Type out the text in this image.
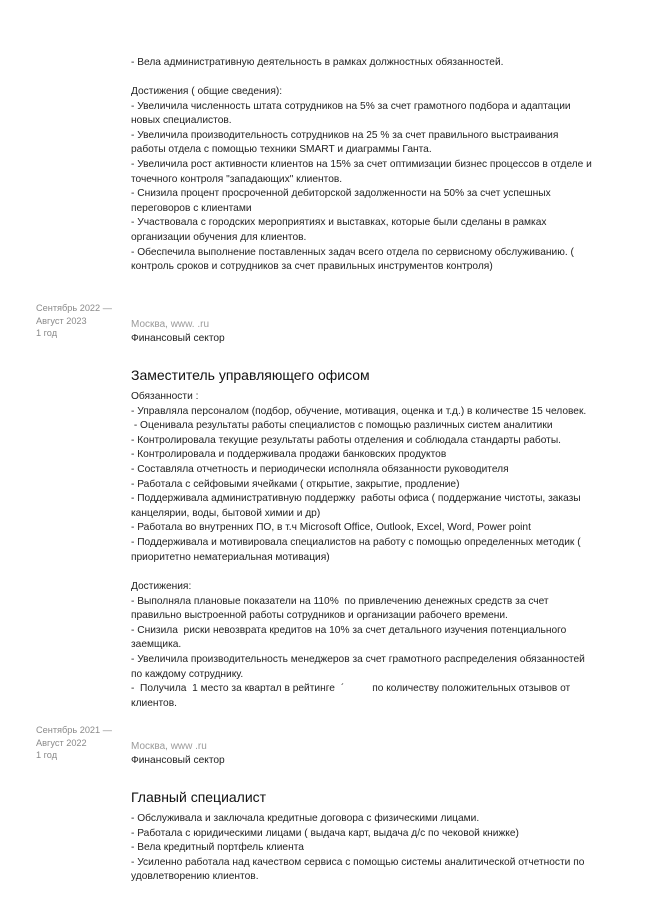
- Вела административную деятельность в рамках должностных обязанностей.
Достижения ( общие сведения):
- Увеличила численность штата сотрудников на 5% за счет грамотного подбора и адаптации
новых специалистов.
- Увеличила производительность сотрудников на 25 % за счет правильного выстраивания
работы отдела с помощью техники SMART и диаграммы Ганта.
- Увеличила рост активности клиентов на 15% за счет оптимизации бизнес процессов в отделе и
точечного контроля "западающих" клиентов.
- Снизила процент просроченной дебиторской задолженности на 50% за счет успешных
переговоров с клиентами
- Участвовала с городских мероприятиях и выставках, которые были сделаны в рамках
организации обучения для клиентов.
- Обеспечила выполнение поставленных задач всего отдела по сервисному обслуживанию. (
контроль сроков и сотрудников за счет правильных инструментов контроля)
Сентябрь 2022 —
Август 2023
1 год
Москва, www. .ru
Финансовый сектор
Заместитель управляющего офисом
Обязанности :
- Управляла персоналом (подбор, обучение, мотивация, оценка и т.д.) в количестве 15 человек.
- Оценивала результаты работы специалистов с помощью различных систем аналитики
- Контролировала текущие результаты работы отделения и соблюдала стандарты работы.
- Контролировала и поддерживала продажи банковских продуктов
- Составляла отчетность и периодически исполняла обязанности руководителя
- Работала с сейфовыми ячейками ( открытие, закрытие, продление)
- Поддерживала административную поддержку  работы офиса ( поддержание чистоты, заказы
канцелярии, воды, бытовой химии и др)
- Работала во внутренних ПО, в т.ч Microsoft Office, Outlook, Excel, Word, Power point
- Поддерживала и мотивировала специалистов на работу с помощью определенных методик (
приоритетно нематериальная мотивация)
Достижения:
- Выполняла плановые показатели на 110%  по привлечению денежных средств за счет
правильно выстроенной работы сотрудников и организации рабочего времени.
- Снизила  риски невозврата кредитов на 10% за счет детального изучения потенциального
заемщика.
- Увеличила производительность менеджеров за счет грамотного распределения обязанностей
по каждому сотруднику.
-  Получила  1 место за квартал в рейтинге  ˊ          по количеству положительных отзывов от
клиентов.
Сентябрь 2021 —
Август 2022
1 год
Москва, www .ru
Финансовый сектор
Главный специалист
- Обслуживала и заключала кредитные договора с физическими лицами.
- Работала с юридическими лицами ( выдача карт, выдача д/с по чековой книжке)
- Вела кредитный портфель клиента
- Усиленно работала над качеством сервиса с помощью системы аналитической отчетности по
удовлетворению клиентов.
